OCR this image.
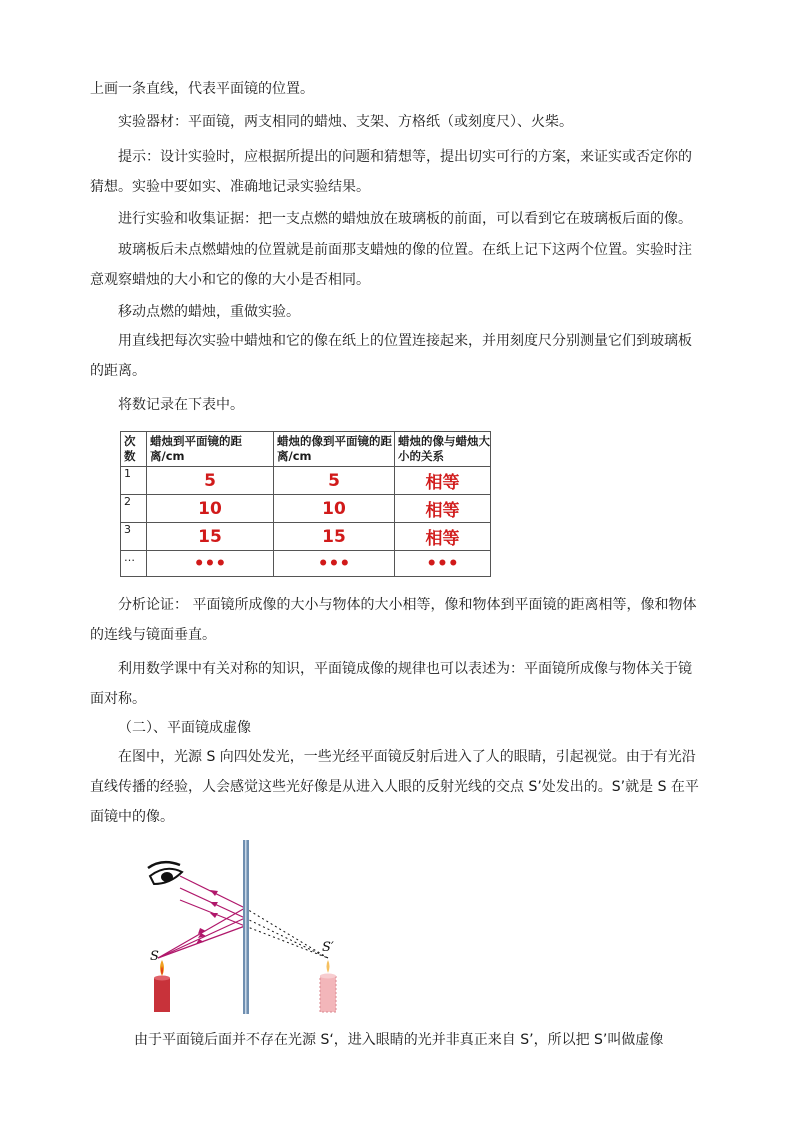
上画一条直线，代表平面镜的位置。

实验器材：平面镜，两支相同的蜡烛、支架、方格纸（或刻度尺）、火柴。

提示：设计实验时，应根据所提出的问题和猜想等，提出切实可行的方案，来证实或否定你的猜想。实验中要如实、准确地记录实验结果。

进行实验和收集证据：把一支点燃的蜡烛放在玻璃板的前面，可以看到它在玻璃板后面的像。

玻璃板后未点燃蜡烛的位置就是前面那支蜡烛的像的位置。在纸上记下这两个位置。实验时注意观察蜡烛的大小和它的像的大小是否相同。

移动点燃的蜡烛，重做实验。

用直线把每次实验中蜡烛和它的像在纸上的位置连接起来，并用刻度尺分别测量它们到玻璃板的距离。

将数记录在下表中。

次数	蜡烛到平面镜的距离/cm	蜡烛的像到平面镜的距离/cm	蜡烛的像与蜡烛大小的关系
1	5	5	相等
2	10	10	相等
3	15	15	相等
…	•••	•••	•••

分析论证： 平面镜所成像的大小与物体的大小相等，像和物体到平面镜的距离相等，像和物体的连线与镜面垂直。

利用数学课中有关对称的知识，平面镜成像的规律也可以表述为：平面镜所成像与物体关于镜面对称。

（二）、平面镜成虚像

在图中，光源 S 向四处发光，一些光经平面镜反射后进入了人的眼睛，引起视觉。由于有光沿直线传播的经验，人会感觉这些光好像是从进入人眼的反射光线的交点 S’处发出的。S’就是 S 在平面镜中的像。

S
S′

由于平面镜后面并不存在光源 S‘，进入眼睛的光并非真正来自 S’，所以把 S’叫做虚像
